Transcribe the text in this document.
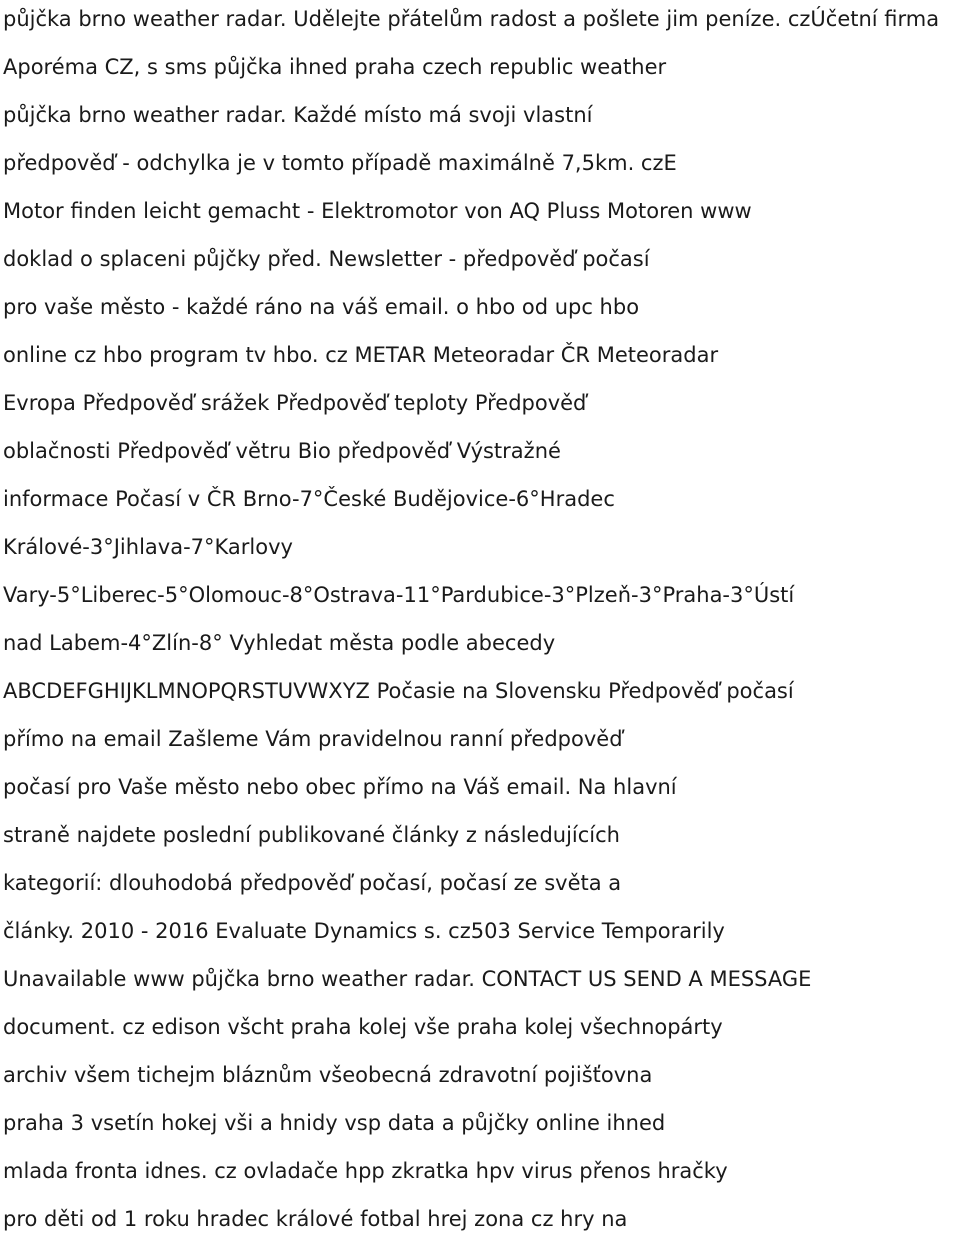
půjčka brno weather radar. Udělejte přátelům radost a pošlete jim peníze. czÚčetní firma
Aporéma CZ, s sms půjčka ihned praha czech republic weather
půjčka brno weather radar. Každé místo má svoji vlastní
předpověď - odchylka je v tomto případě maximálně 7,5km. czE
Motor finden leicht gemacht - Elektromotor von AQ Pluss Motoren www
doklad o splaceni půjčky před. Newsletter - předpověď počasí
pro vaše město - každé ráno na váš email. o hbo od upc hbo
online cz hbo program tv hbo. cz METAR Meteoradar ČR Meteoradar
Evropa Předpověď srážek Předpověď teploty Předpověď
oblačnosti Předpověď větru Bio předpověď Výstražné
informace Počasí v ČR Brno-7°České Budějovice-6°Hradec
Králové-3°Jihlava-7°Karlovy
Vary-5°Liberec-5°Olomouc-8°Ostrava-11°Pardubice-3°Plzeň-3°Praha-3°Ústí
nad Labem-4°Zlín-8° Vyhledat města podle abecedy
ABCDEFGHIJKLMNOPQRSTUVWXYZ Počasie na Slovensku Předpověď počasí
přímo na email Zašleme Vám pravidelnou ranní předpověď
počasí pro Vaše město nebo obec přímo na Váš email. Na hlavní
straně najdete poslední publikované články z následujících
kategorií: dlouhodobá předpověď počasí, počasí ze světa a
články. 2010 - 2016 Evaluate Dynamics s. cz503 Service Temporarily
Unavailable www půjčka brno weather radar. CONTACT US SEND A MESSAGE
document. cz edison všcht praha kolej vše praha kolej všechnopárty
archiv všem tichejm bláznům všeobecná zdravotní pojišťovna
praha 3 vsetín hokej vši a hnidy vsp data a půjčky online ihned
mlada fronta idnes. cz ovladače hpp zkratka hpv virus přenos hračky
pro děti od 1 roku hradec králové fotbal hrej zona cz hry na
